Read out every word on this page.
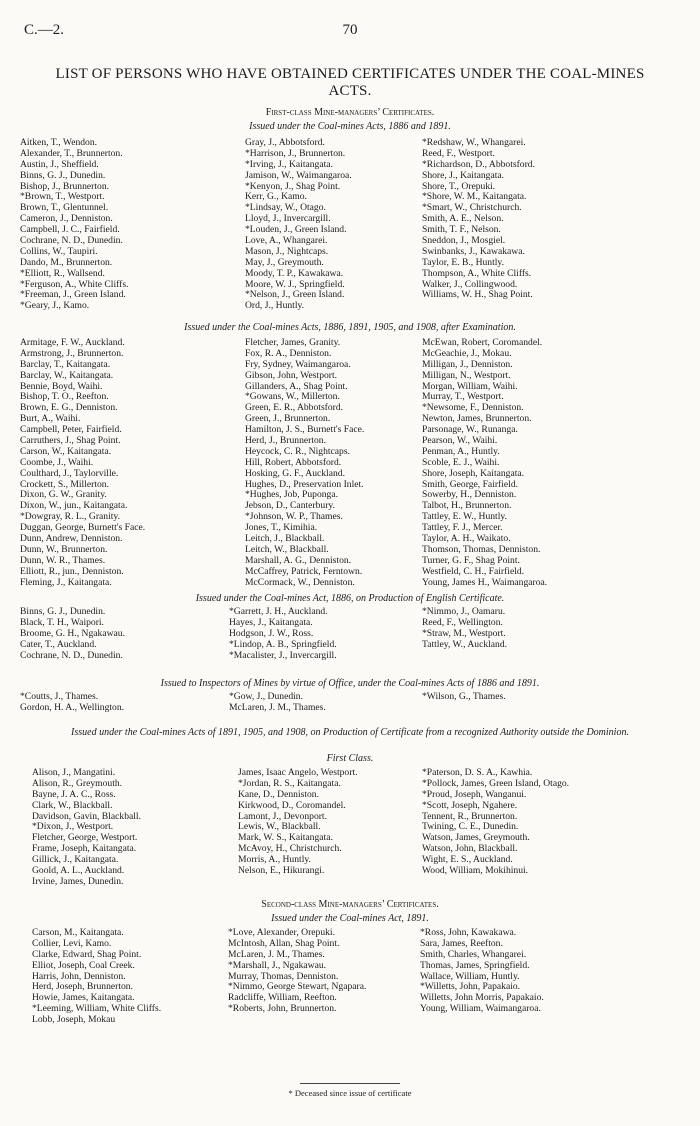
C.—2.	70
LIST OF PERSONS WHO HAVE OBTAINED CERTIFICATES UNDER THE COAL-MINES ACTS.
First-class Mine-managers’ Certificates.
Issued under the Coal-mines Acts, 1886 and 1891.
Aitken, T., Wendon.
Alexander, T., Brunnerton.
Austin, J., Sheffield.
Binns, G. J., Dunedin.
Bishop, J., Brunnerton.
*Brown, T., Westport.
Brown, T., Glentunnel.
Cameron, J., Denniston.
Campbell, J. C., Fairfield.
Cochrane, N. D., Dunedin.
Collins, W., Taupiri.
Dando, M., Brunnerton.
*Elliott, R., Wallsend.
*Ferguson, A., White Cliffs.
*Freeman, J., Green Island.
*Geary, J., Kamo.
Gray, J., Abbotsford.
*Harrison, J., Brunnerton.
*Irving, J., Kaitangata.
Jamison, W., Waimangaroa.
*Kenyon, J., Shag Point.
Kerr, G., Kamo.
*Lindsay, W., Otago.
Lloyd, J., Invercargill.
*Louden, J., Green Island.
Love, A., Whangarei.
Mason, J., Nightcaps.
May, J., Greymouth.
Moody, T. P., Kawakawa.
Moore, W. J., Springfield.
*Nelson, J., Green Island.
Ord, J., Huntly.
*Redshaw, W., Whangarei.
Reed, F., Westport.
*Richardson, D., Abbotsford.
Shore, J., Kaitangata.
Shore, T., Orepuki.
*Shore, W. M., Kaitangata.
*Smart, W., Christchurch.
Smith, A. E., Nelson.
Smith, T. F., Nelson.
Sneddon, J., Mosgiel.
Swinbanks, J., Kawakawa.
Taylor, E. B., Huntly.
Thompson, A., White Cliffs.
Walker, J., Collingwood.
Williams, W. H., Shag Point.
Issued under the Coal-mines Acts, 1886, 1891, 1905, and 1908, after Examination.
Armitage, F. W., Auckland.
Armstrong, J., Brunnerton.
Barclay, T., Kaitangata.
Barclay, W., Kaitangata.
Bennie, Boyd, Waihi.
Bishop, T. O., Reefton.
Brown, E. G., Denniston.
Burt, A., Waihi.
Campbell, Peter, Fairfield.
Carruthers, J., Shag Point.
Carson, W., Kaitangata.
Coombe, J., Waihi.
Coulthard, J., Taylorville.
Crockett, S., Millerton.
Dixon, G. W., Granity.
Dixon, W., jun., Kaitangata.
*Dowgray, R. L., Granity.
Duggan, George, Burnett's Face.
Dunn, Andrew, Denniston.
Dunn, W., Brunnerton.
Dunn, W. R., Thames.
Elliott, R., jun., Denniston.
Fleming, J., Kaitangata.
Fletcher, James, Granity.
Fox, R. A., Denniston.
Fry, Sydney, Waimangaroa.
Gibson, John, Westport.
Gillanders, A., Shag Point.
*Gowans, W., Millerton.
Green, E. R., Abbotsford.
Green, J., Brunnerton.
Hamilton, J. S., Burnett's Face.
Herd, J., Brunnerton.
Heycock, C. R., Nightcaps.
Hill, Robert, Abbotsford.
Hosking, G. F., Auckland.
Hughes, D., Preservation Inlet.
*Hughes, Job, Puponga.
Jebson, D., Canterbury.
*Johnson, W. P., Thames.
Jones, T., Kimihia.
Leitch, J., Blackball.
Leitch, W., Blackball.
Marshall, A. G., Denniston.
McCaffrey, Patrick, Ferntown.
McCormack, W., Denniston.
McEwan, Robert, Coromandel.
McGeachie, J., Mokau.
Milligan, J., Denniston.
Milligan, N., Westport.
Morgan, William, Waihi.
Murray, T., Westport.
*Newsome, F., Denniston.
Newton, James, Brunnerton.
Parsonage, W., Runanga.
Pearson, W., Waihi.
Penman, A., Huntly.
Scoble, E. J., Waihi.
Shore, Joseph, Kaitangata.
Smith, George, Fairfield.
Sowerby, H., Denniston.
Talbot, H., Brunnerton.
Tattley, E. W., Huntly.
Tattley, F. J., Mercer.
Taylor, A. H., Waikato.
Thomson, Thomas, Denniston.
Turner, G. F., Shag Point.
Westfield, C. H., Fairfield.
Young, James H., Waimangaroa.
Issued under the Coal-mines Act, 1886, on Production of English Certificate.
Binns, G. J., Dunedin.
Black, T. H., Waipori.
Broome, G. H., Ngakawau.
Cater, T., Auckland.
Cochrane, N. D., Dunedin.
*Garrett, J. H., Auckland.
Hayes, J., Kaitangata.
Hodgson, J. W., Ross.
*Lindop, A. B., Springfield.
*Macalister, J., Invercargill.
*Nimmo, J., Oamaru.
Reed, F., Wellington.
*Straw, M., Westport.
Tattley, W., Auckland.
Issued to Inspectors of Mines by virtue of Office, under the Coal-mines Acts of 1886 and 1891.
*Coutts, J., Thames.
Gordon, H. A., Wellington.
*Gow, J., Dunedin.
McLaren, J. M., Thames.
*Wilson, G., Thames.
Issued under the Coal-mines Acts of 1891, 1905, and 1908, on Production of Certificate from a recognized Authority outside the Dominion.
First Class.
Alison, J., Mangatini.
Alison, R., Greymouth.
Bayne, J. A. C., Ross.
Clark, W., Blackball.
Davidson, Gavin, Blackball.
*Dixon, J., Westport.
Fletcher, George, Westport.
Frame, Joseph, Kaitangata.
Gillick, J., Kaitangata.
Goold, A. L., Auckland.
Irvine, James, Dunedin.
James, Isaac Angelo, Westport.
*Jordan, R. S., Kaitangata.
Kane, D., Denniston.
Kirkwood, D., Coromandel.
Lamont, J., Devonport.
Lewis, W., Blackball.
Mark, W. S., Kaitangata.
McAvoy, H., Christchurch.
Morris, A., Huntly.
Nelson, E., Hikurangi.
*Paterson, D. S. A., Kawhia.
*Pollock, James, Green Island, Otago.
*Proud, Joseph, Wanganui.
*Scott, Joseph, Ngahere.
Tennent, R., Brunnerton.
Twining, C. E., Dunedin.
Watson, James, Greymouth.
Watson, John, Blackball.
Wight, E. S., Auckland.
Wood, William, Mokihinui.
Second-class Mine-managers’ Certificates.
Issued under the Coal-mines Act, 1891.
Carson, M., Kaitangata.
Collier, Levi, Kamo.
Clarke, Edward, Shag Point.
Elliot, Joseph, Coal Creek.
Harris, John, Denniston.
Herd, Joseph, Brunnerton.
Howie, James, Kaitangata.
*Leeming, William, White Cliffs.
Lobb, Joseph, Mokau
*Love, Alexander, Orepuki.
McIntosh, Allan, Shag Point.
McLaren, J. M., Thames.
*Marshall, J., Ngakawau.
Murray, Thomas, Denniston.
*Nimmo, George Stewart, Ngapara.
Radcliffe, William, Reefton.
*Roberts, John, Brunnerton.
*Ross, John, Kawakawa.
Sara, James, Reefton.
Smith, Charles, Whangarei.
Thomas, James, Springfield.
Wallace, William, Huntly.
*Willetts, John, Papakaio.
Willetts, John Morris, Papakaio.
Young, William, Waimangaroa.
* Deceased since issue of certificate
